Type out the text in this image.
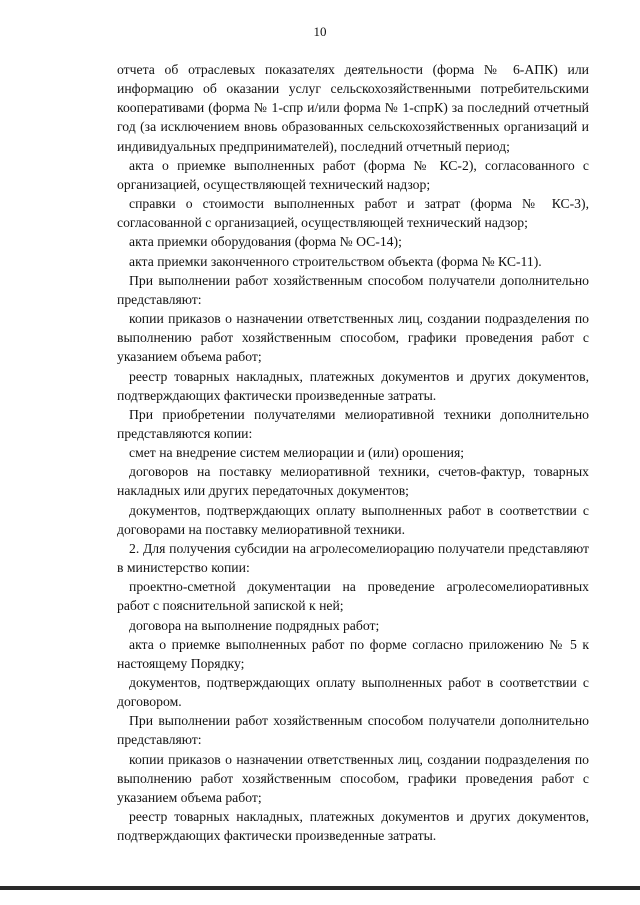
10

отчета об отраслевых показателях деятельности (форма № 6-АПК) или информацию об оказании услуг сельскохозяйственными потребительскими кооперативами (форма № 1-спр и/или форма № 1-спрК) за последний отчетный год (за исключением вновь образованных сельскохозяйственных организаций и индивидуальных предпринимателей), последний отчетный период;

акта о приемке выполненных работ (форма № КС-2), согласованного с организацией, осуществляющей технический надзор;

справки о стоимости выполненных работ и затрат (форма № КС-3), согласованной с организацией, осуществляющей технический надзор;

акта приемки оборудования (форма № ОС-14);

акта приемки законченного строительством объекта (форма № КС-11).

При выполнении работ хозяйственным способом получатели дополнительно представляют:

копии приказов о назначении ответственных лиц, создании подразделения по выполнению работ хозяйственным способом, графики проведения работ с указанием объема работ;

реестр товарных накладных, платежных документов и других документов, подтверждающих фактически произведенные затраты.

При приобретении получателями мелиоративной техники дополнительно представляются копии:

смет на внедрение систем мелиорации и (или) орошения;

договоров на поставку мелиоративной техники, счетов-фактур, товарных накладных или других передаточных документов;

документов, подтверждающих оплату выполненных работ в соответствии с договорами на поставку мелиоративной техники.

2. Для получения субсидии на агролесомелиорацию получатели представляют в министерство копии:

проектно-сметной документации на проведение агролесомелиоративных работ с пояснительной запиской к ней;

договора на выполнение подрядных работ;

акта о приемке выполненных работ по форме согласно приложению № 5 к настоящему Порядку;

документов, подтверждающих оплату выполненных работ в соответствии с договором.

При выполнении работ хозяйственным способом получатели дополнительно представляют:

копии приказов о назначении ответственных лиц, создании подразделения по выполнению работ хозяйственным способом, графики проведения работ с указанием объема работ;

реестр товарных накладных, платежных документов и других документов, подтверждающих фактически произведенные затраты.
